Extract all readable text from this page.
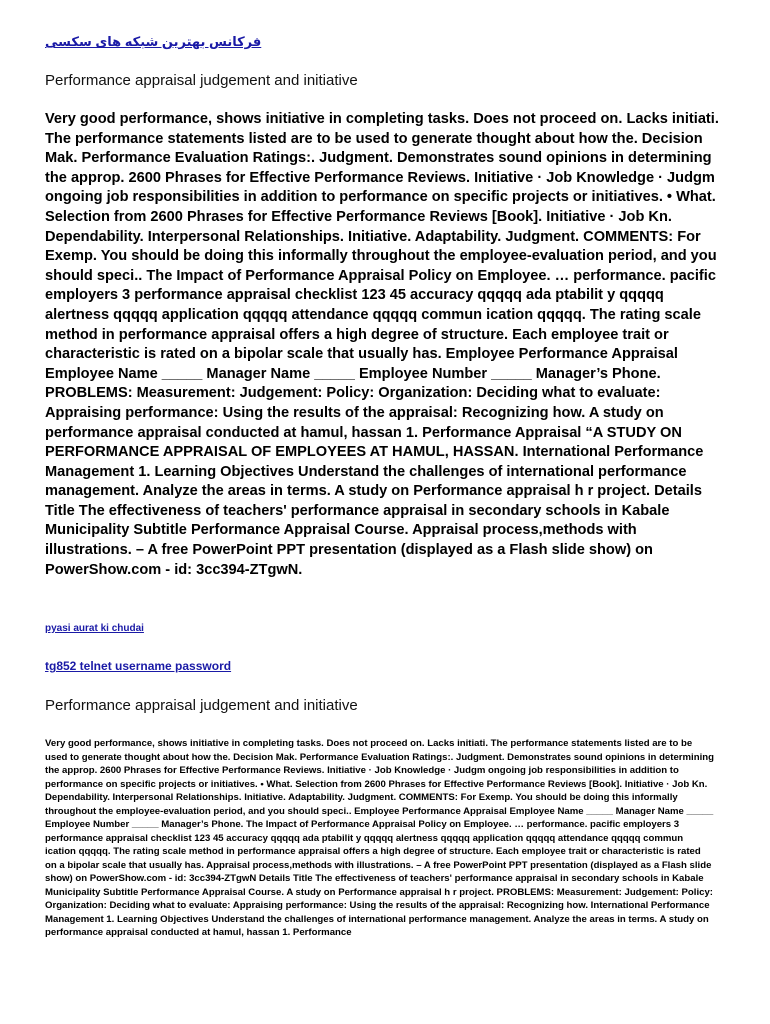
فرکانس بهترین شبکه های سکسی
Performance appraisal judgement and initiative

Very good performance, shows initiative in completing tasks. Does not proceed on. Lacks initiati. The performance statements listed are to be used to generate thought about how the. Decision Mak. Performance Evaluation Ratings:. Judgment. Demonstrates sound opinions in determining the approp. 2600 Phrases for Effective Performance Reviews. Initiative · Job Knowledge · Judgm ongoing job responsibilities in addition to performance on specific projects or initiatives. • What. Selection from 2600 Phrases for Effective Performance Reviews [Book]. Initiative · Job Kn. Dependability. Interpersonal Relationships. Initiative. Adaptability. Judgment. COMMENTS: For Exemp. You should be doing this informally throughout the employee-evaluation period, and you should speci.. The Impact of Performance Appraisal Policy on Employee. … performance. pacific employers 3 performance appraisal checklist 123 45 accuracy qqqqq ada ptabilit y qqqqq alertness qqqqq application qqqqq attendance qqqqq commun ication qqqqq. The rating scale method in performance appraisal offers a high degree of structure. Each employee trait or characteristic is rated on a bipolar scale that usually has. Employee Performance Appraisal Employee Name _____ Manager Name _____ Employee Number _____ Manager’s Phone. PROBLEMS: Measurement: Judgement: Policy: Organization: Deciding what to evaluate: Appraising performance: Using the results of the appraisal: Recognizing how. A study on performance appraisal conducted at hamul, hassan 1. Performance Appraisal “A STUDY ON PERFORMANCE APPRAISAL OF EMPLOYEES AT HAMUL, HASSAN. International Performance Management 1. Learning Objectives Understand the challenges of international performance management. Analyze the areas in terms. A study on Performance appraisal h r project. Details Title The effectiveness of teachers' performance appraisal in secondary schools in Kabale Municipality Subtitle Performance Appraisal Course. Appraisal process,methods with illustrations. – A free PowerPoint PPT presentation (displayed as a Flash slide show) on PowerShow.com - id: 3cc394-ZTgwN.

pyasi aurat ki chudai
tg852 telnet username password
Performance appraisal judgement and initiative

Very good performance, shows initiative in completing tasks. Does not proceed on. Lacks initiati. The performance statements listed are to be used to generate thought about how the. Decision Mak. Performance Evaluation Ratings:. Judgment. Demonstrates sound opinions in determining the approp. 2600 Phrases for Effective Performance Reviews. Initiative · Job Knowledge · Judgm ongoing job responsibilities in addition to performance on specific projects or initiatives. • What. Selection from 2600 Phrases for Effective Performance Reviews [Book]. Initiative · Job Kn. Dependability. Interpersonal Relationships. Initiative. Adaptability. Judgment. COMMENTS: For Exemp. You should be doing this informally throughout the employee-evaluation period, and you should speci.. Employee Performance Appraisal Employee Name _____ Manager Name _____ Employee Number _____ Manager’s Phone. The Impact of Performance Appraisal Policy on Employee. … performance. pacific employers 3 performance appraisal checklist 123 45 accuracy qqqqq ada ptabilit y qqqqq alertness qqqqq application qqqqq attendance qqqqq commun ication qqqqq. The rating scale method in performance appraisal offers a high degree of structure. Each employee trait or characteristic is rated on a bipolar scale that usually has. Appraisal process,methods with illustrations. – A free PowerPoint PPT presentation (displayed as a Flash slide show) on PowerShow.com - id: 3cc394-ZTgwN Details Title The effectiveness of teachers' performance appraisal in secondary schools in Kabale Municipality Subtitle Performance Appraisal Course. A study on Performance appraisal h r project. PROBLEMS: Measurement: Judgement: Policy: Organization: Deciding what to evaluate: Appraising performance: Using the results of the appraisal: Recognizing how. International Performance Management 1. Learning Objectives Understand the challenges of international performance management. Analyze the areas in terms. A study on performance appraisal conducted at hamul, hassan 1. Performance
